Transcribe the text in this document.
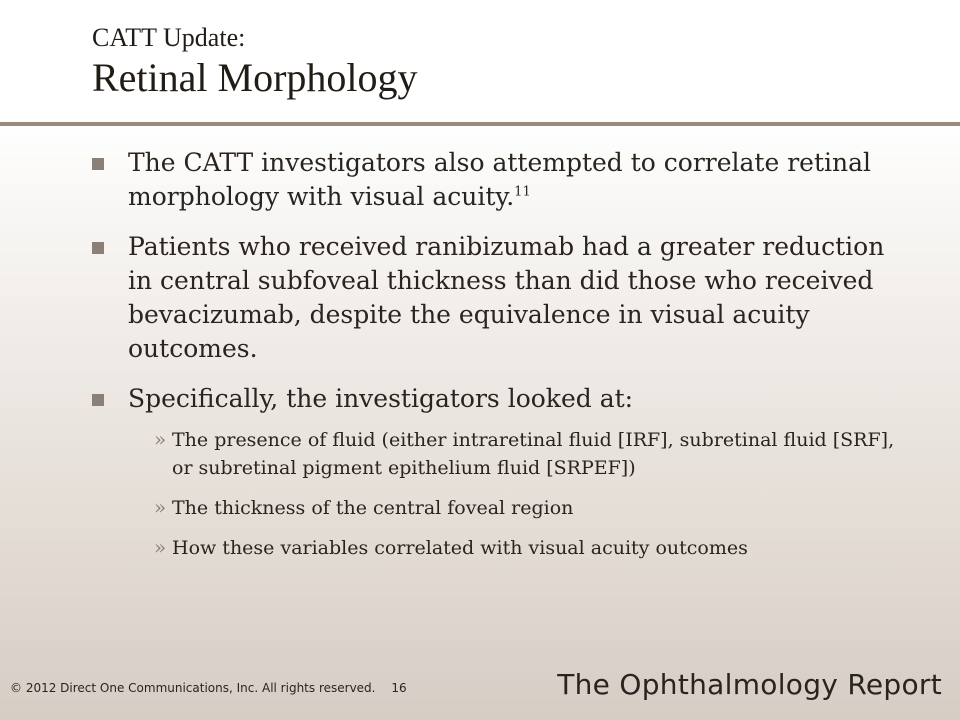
CATT Update:
Retinal Morphology
The CATT investigators also attempted to correlate retinal morphology with visual acuity.$^{11}$
Patients who received ranibizumab had a greater reduction in central subfoveal thickness than did those who received bevacizumab, despite the equivalence in visual acuity outcomes.
Specifically, the investigators looked at:
» The presence of fluid (either intraretinal fluid [IRF], subretinal fluid [SRF], or subretinal pigment epithelium fluid [SRPEF])
» The thickness of the central foveal region
» How these variables correlated with visual acuity outcomes
© 2012 Direct One Communications, Inc. All rights reserved. 16	The Ophthalmology Report
